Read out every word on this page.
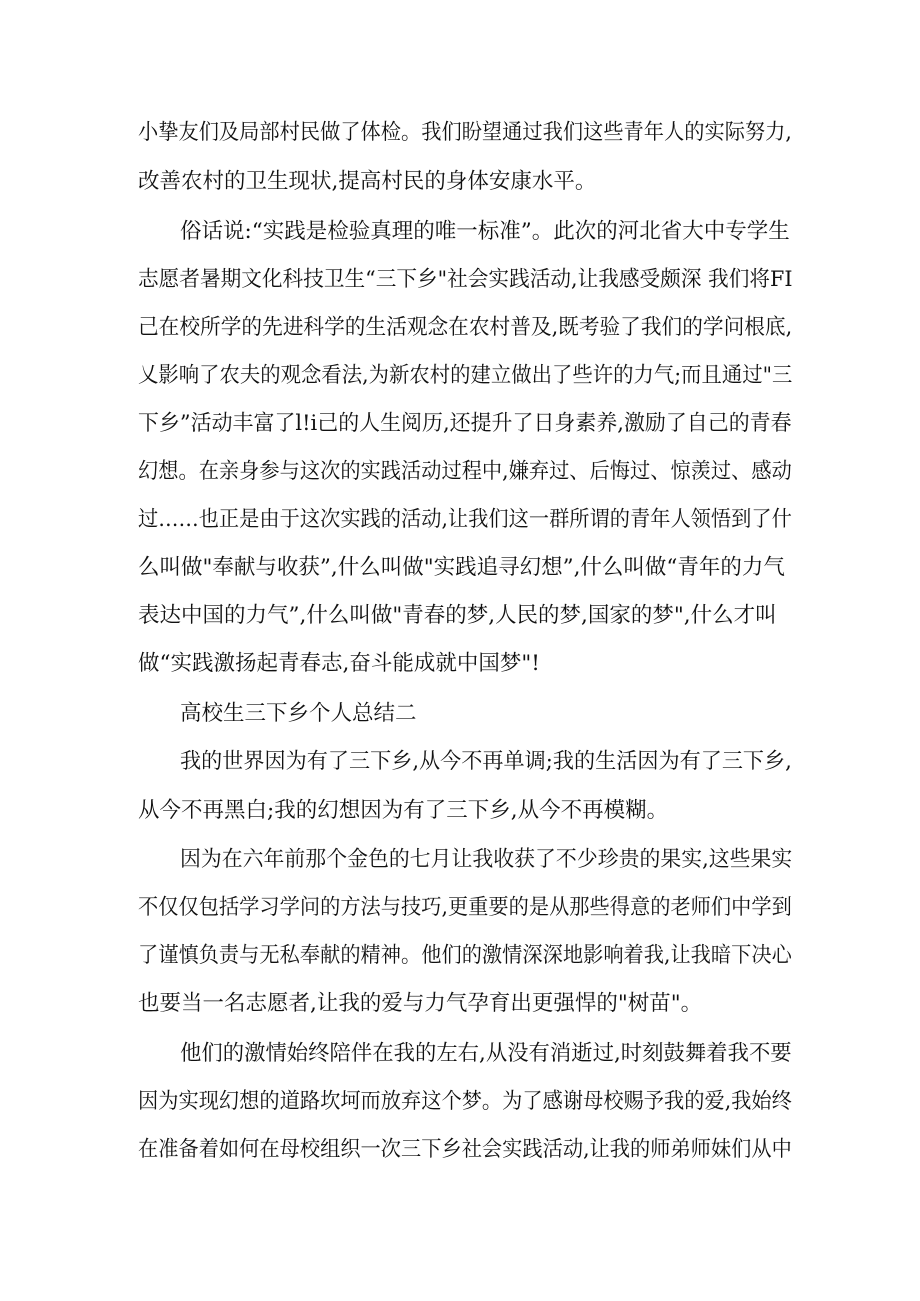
小挚友们及局部村民做了体检。我们盼望通过我们这些青年人的实际努力,

改善农村的卫生现状,提高村民的身体安康水平。

俗话说:“实践是检验真理的唯一标准”。此次的河北省大中专学生

志愿者暑期文化科技卫生“三下乡"社会实践活动,让我感受颇深 我们将FI

己在校所学的先进科学的生活观念在农村普及,既考验了我们的学问根底,

乂影响了农夫的观念看法,为新农村的建立做出了些许的力气;而且通过"三

下乡”活动丰富了l!i己的人生阅历,还提升了日身素养,激励了自己的青春

幻想。在亲身参与这次的实践活动过程中,嫌弃过、后悔过、惊羡过、感动

过……也正是由于这次实践的活动,让我们这一群所谓的青年人领悟到了什

么叫做"奉献与收获”,什么叫做"实践追寻幻想”,什么叫做“青年的力气

表达中国的力气”,什么叫做"青春的梦,人民的梦,国家的梦",什么才叫

做“实践激扬起青春志,奋斗能成就中国梦"!

高校生三下乡个人总结二

我的世界因为有了三下乡,从今不再单调;我的生活因为有了三下乡,

从今不再黑白;我的幻想因为有了三下乡,从今不再模糊。

因为在六年前那个金色的七月让我收获了不少珍贵的果实,这些果实

不仅仅包括学习学问的方法与技巧,更重要的是从那些得意的老师们中学到

了谨慎负责与无私奉献的精神。他们的激情深深地影响着我,让我暗下决心

也要当一名志愿者,让我的爱与力气孕育出更强悍的"树苗"。

他们的激情始终陪伴在我的左右,从没有消逝过,时刻鼓舞着我不要

因为实现幻想的道路坎坷而放弃这个梦。为了感谢母校赐予我的爱,我始终

在准备着如何在母校组织一次三下乡社会实践活动,让我的师弟师妹们从中
